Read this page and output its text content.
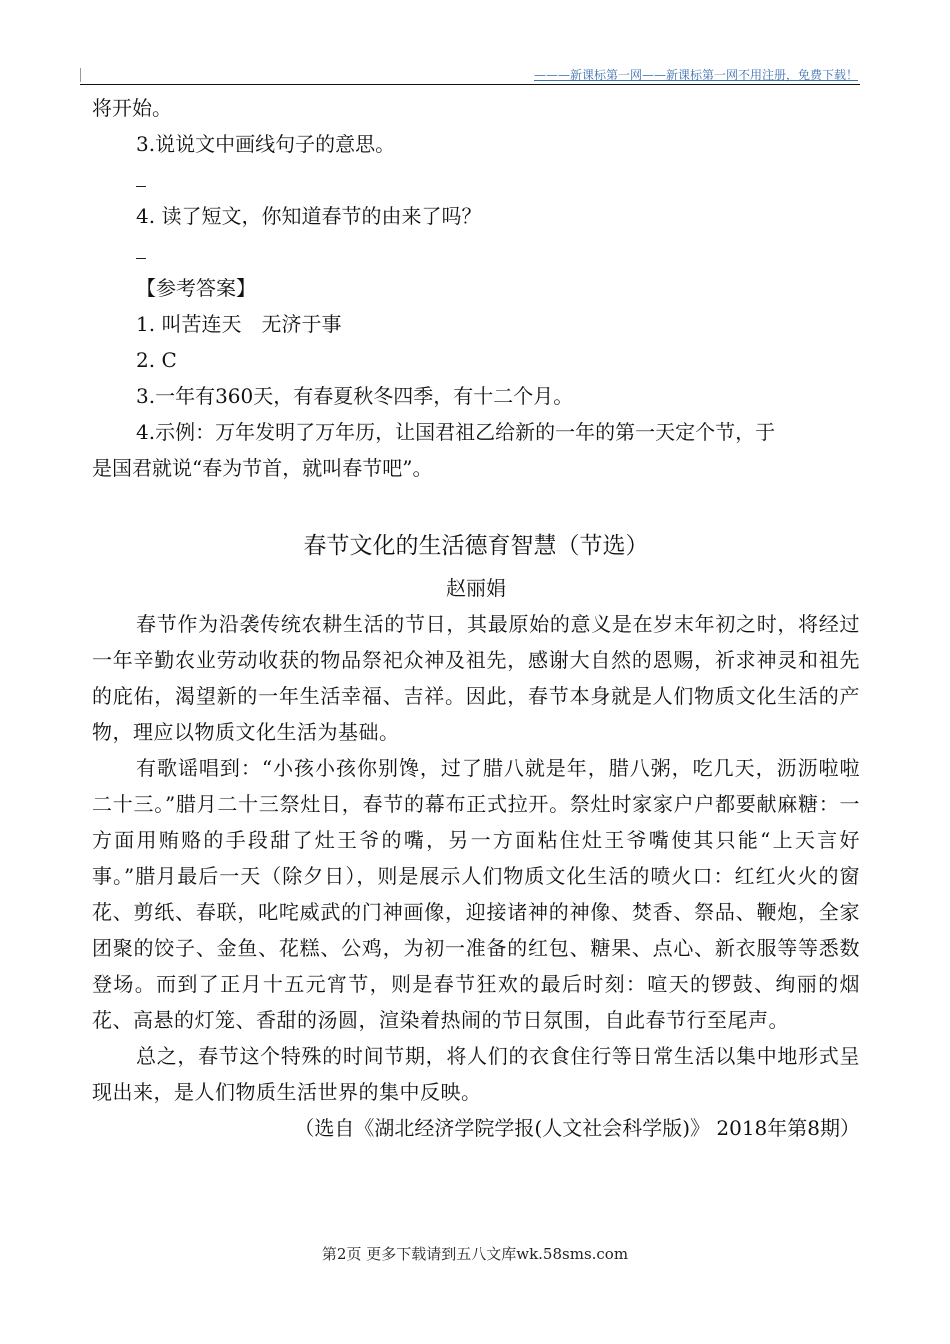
———新课标第一网——新课标第一网不用注册，免费下载！
将开始。
3.说说文中画线句子的意思。
4. 读了短文，你知道春节的由来了吗？
【参考答案】
1. 叫苦连天　无济于事
2. C
3.一年有360天，有春夏秋冬四季，有十二个月。
4.示例：万年发明了万年历，让国君祖乙给新的一年的第一天定个节，于
是国君就说“春为节首，就叫春节吧”。
春节文化的生活德育智慧（节选）
赵丽娟
春节作为沿袭传统农耕生活的节日，其最原始的意义是在岁末年初之时，将经过一年辛勤农业劳动收获的物品祭祀众神及祖先，感谢大自然的恩赐，祈求神灵和祖先的庇佑，渴望新的一年生活幸福、吉祥。因此，春节本身就是人们物质文化生活的产物，理应以物质文化生活为基础。
有歌谣唱到：“小孩小孩你别馋，过了腊八就是年，腊八粥，吃几天，沥沥啦啦二十三。”腊月二十三祭灶日，春节的幕布正式拉开。祭灶时家家户户都要献麻糖：一方面用贿赂的手段甜了灶王爷的嘴，另一方面粘住灶王爷嘴使其只能“上天言好事。”腊月最后一天（除夕日），则是展示人们物质文化生活的喷火口：红红火火的窗花、剪纸、春联，叱咤威武的门神画像，迎接诸神的神像、焚香、祭品、鞭炮，全家团聚的饺子、金鱼、花糕、公鸡，为初一准备的红包、糖果、点心、新衣服等等悉数登场。而到了正月十五元宵节，则是春节狂欢的最后时刻：喧天的锣鼓、绚丽的烟花、高悬的灯笼、香甜的汤圆，渲染着热闹的节日氛围，自此春节行至尾声。
总之，春节这个特殊的时间节期，将人们的衣食住行等日常生活以集中地形式呈现出来，是人们物质生活世界的集中反映。
（选自《湖北经济学院学报(人文社会科学版)》 2018年第8期）
第2页 更多下载请到五八文库wk.58sms.com
